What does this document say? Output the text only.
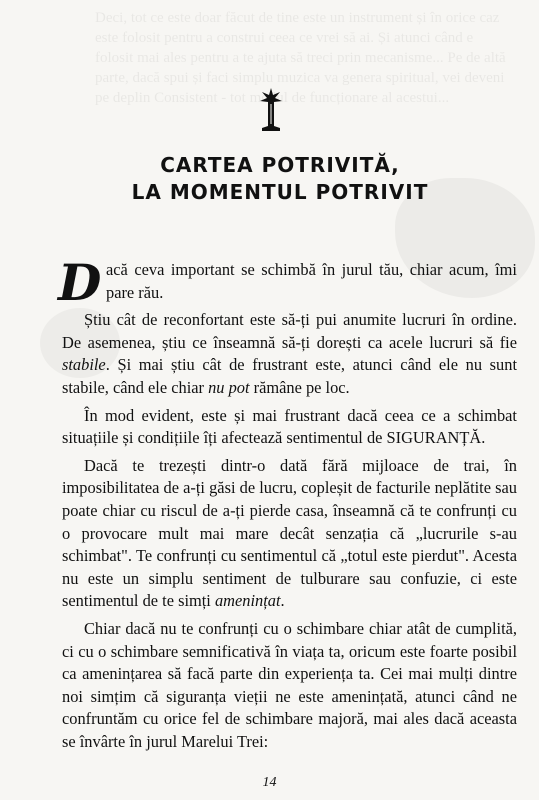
Deci, tot ce este doar făcut de tine este un instrument și în orice caz este folosit pentru a construi ceea ce vrei să ai. Și atunci când e folosit mai ales pentru a te ajuta să treci prin mecanisme... Pe de altă parte, dacă spui și faci simplu muzica va genera spiritual, vei deveni pe deplin Consistent - tot de funcționare al acestui...
CARTEA POTRIVITĂ,
LA MOMENTUL POTRIVIT

Dacă ceva important se schimbă în jurul tău, chiar acum, îmi pare rău.

Știu cât de reconfortant este să-ți pui anumite lucruri în ordine. De asemenea, știu ce înseamnă să-ți dorești ca acele lucruri să fie stabile. Și mai știu cât de frustrant este, atunci când ele nu sunt stabile, când ele chiar nu pot rămâne pe loc.

În mod evident, este și mai frustrant dacă ceea ce a schimbat situațiile și condițiile îți afectează sentimentul de SIGURANȚĂ.

Dacă te trezești dintr-o dată fără mijloace de trai, în imposibilitatea de a-ți găsi de lucru, copleșit de facturile neplătite sau poate chiar cu riscul de a-ți pierde casa, înseamnă că te confrunți cu o provocare mult mai mare decât senzația că „lucrurile s-au schimbat". Te confrunți cu sentimentul că „totul este pierdut". Acesta nu este un simplu sentiment de tulburare sau confuzie, ci este sentimentul de te simți amenințat.

Chiar dacă nu te confrunți cu o schimbare chiar atât de cumplită, ci cu o schimbare semnificativă în viața ta, oricum este foarte posibil ca amenințarea să facă parte din experiența ta. Cei mai mulți dintre noi simțim că siguranța vieții ne este amenințată, atunci când ne confruntăm cu orice fel de schimbare majoră, mai ales dacă aceasta se învârte în jurul Marelui Trei:

14
